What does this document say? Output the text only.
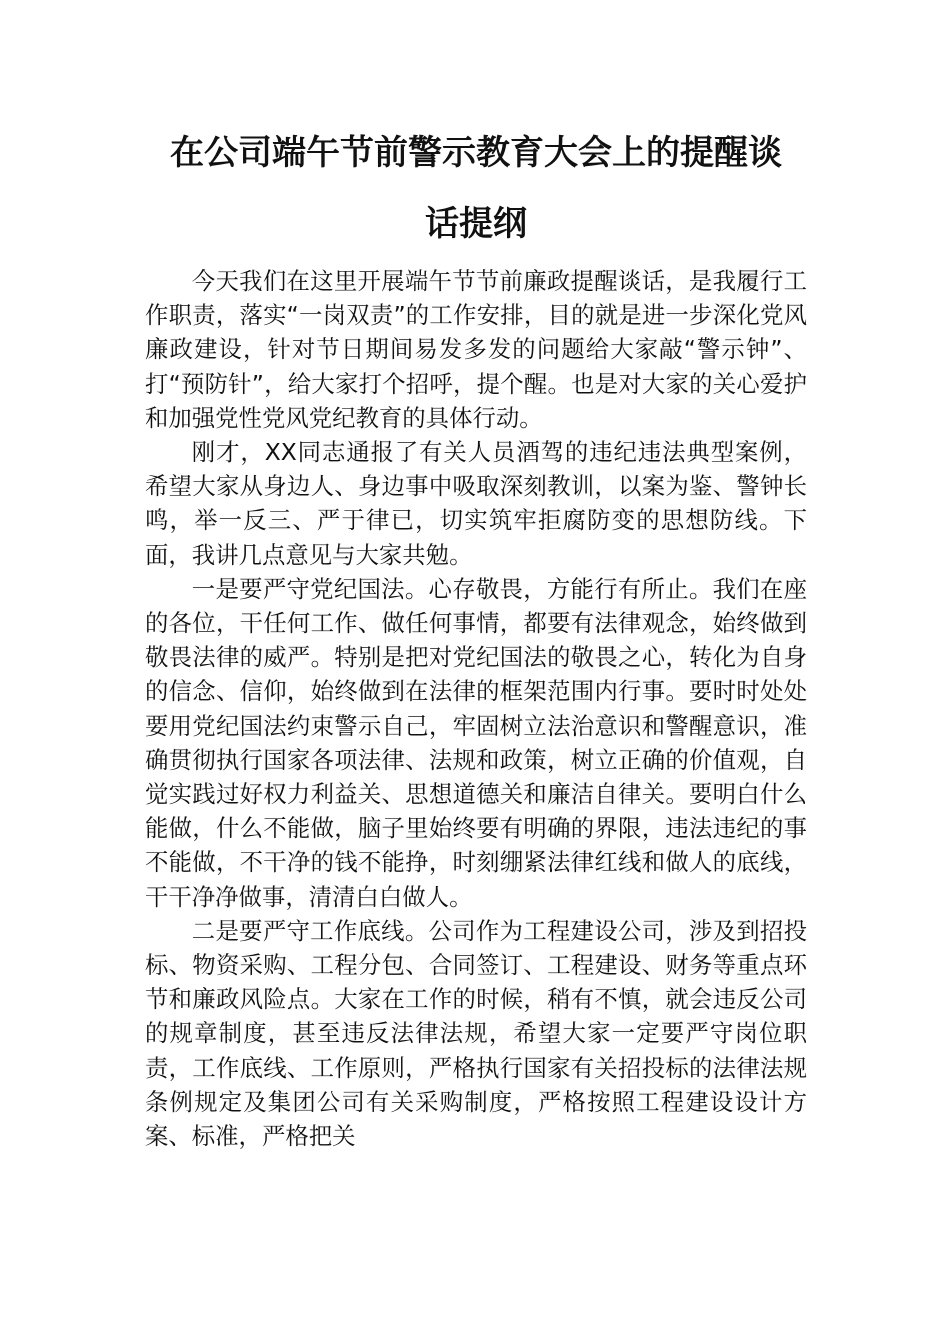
在公司端午节前警示教育大会上的提醒谈
话提纲

今天我们在这里开展端午节节前廉政提醒谈话，是我履行工作职责，落实“一岗双责”的工作安排，目的就是进一步深化党风廉政建设，针对节日期间易发多发的问题给大家敲“警示钟”、打“预防针”，给大家打个招呼，提个醒。也是对大家的关心爱护和加强党性党风党纪教育的具体行动。

刚才，XX同志通报了有关人员酒驾的违纪违法典型案例，希望大家从身边人、身边事中吸取深刻教训，以案为鉴、警钟长鸣，举一反三、严于律已，切实筑牢拒腐防变的思想防线。下面，我讲几点意见与大家共勉。

一是要严守党纪国法。心存敬畏，方能行有所止。我们在座的各位，干任何工作、做任何事情，都要有法律观念，始终做到敬畏法律的威严。特别是把对党纪国法的敬畏之心，转化为自身的信念、信仰，始终做到在法律的框架范围内行事。要时时处处要用党纪国法约束警示自己，牢固树立法治意识和警醒意识，准确贯彻执行国家各项法律、法规和政策，树立正确的价值观，自觉实践过好权力利益关、思想道德关和廉洁自律关。要明白什么能做，什么不能做，脑子里始终要有明确的界限，违法违纪的事不能做，不干净的钱不能挣，时刻绷紧法律红线和做人的底线，干干净净做事，清清白白做人。

二是要严守工作底线。公司作为工程建设公司，涉及到招投标、物资采购、工程分包、合同签订、工程建设、财务等重点环节和廉政风险点。大家在工作的时候，稍有不慎，就会违反公司的规章制度，甚至违反法律法规，希望大家一定要严守岗位职责，工作底线、工作原则，严格执行国家有关招投标的法律法规条例规定及集团公司有关采购制度，严格按照工程建设设计方案、标准，严格把关
